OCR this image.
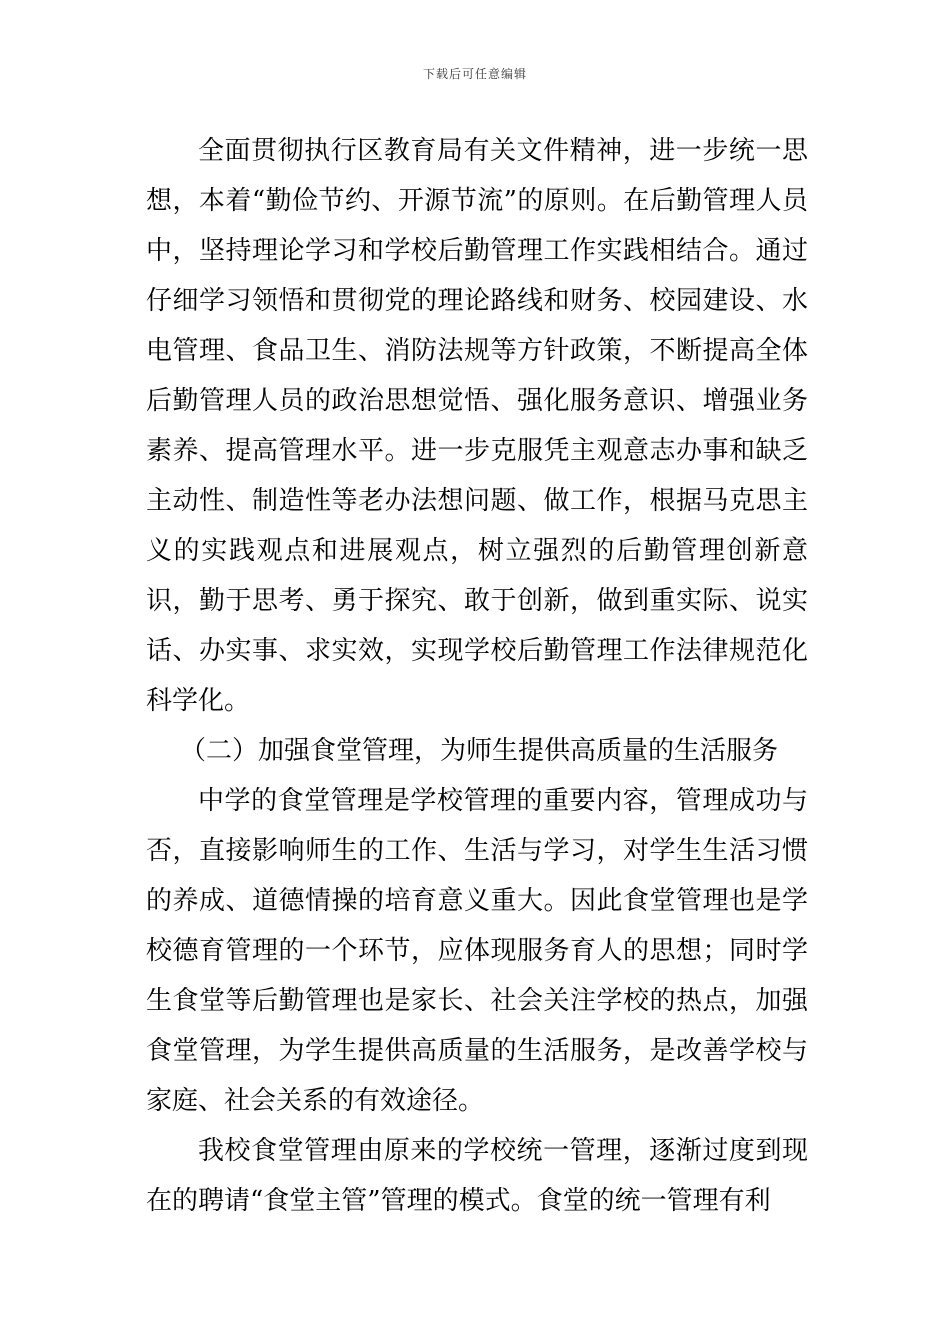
下载后可任意编辑

全面贯彻执行区教育局有关文件精神，进一步统一思想，本着“勤俭节约、开源节流”的原则。在后勤管理人员中，坚持理论学习和学校后勤管理工作实践相结合。通过仔细学习领悟和贯彻党的理论路线和财务、校园建设、水电管理、食品卫生、消防法规等方针政策，不断提高全体后勤管理人员的政治思想觉悟、强化服务意识、增强业务素养、提高管理水平。进一步克服凭主观意志办事和缺乏主动性、制造性等老办法想问题、做工作，根据马克思主义的实践观点和进展观点，树立强烈的后勤管理创新意识，勤于思考、勇于探究、敢于创新，做到重实际、说实话、办实事、求实效，实现学校后勤管理工作法律规范化科学化。

（二）加强食堂管理，为师生提供高质量的生活服务

中学的食堂管理是学校管理的重要内容，管理成功与否，直接影响师生的工作、生活与学习，对学生生活习惯的养成、道德情操的培育意义重大。因此食堂管理也是学校德育管理的一个环节，应体现服务育人的思想；同时学生食堂等后勤管理也是家长、社会关注学校的热点，加强食堂管理，为学生提供高质量的生活服务，是改善学校与家庭、社会关系的有效途径。

我校食堂管理由原来的学校统一管理，逐渐过度到现在的聘请“食堂主管”管理的模式。食堂的统一管理有利
